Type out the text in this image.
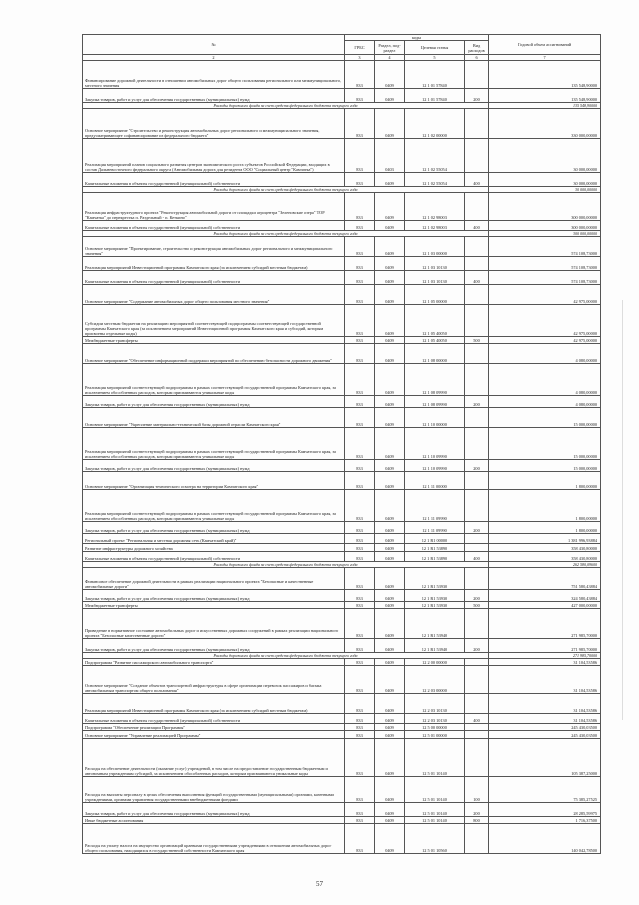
№	коды				Годовой объем ассигнований
	ГРБС	Раздел, под-раздел	Целевая статья	Вид расходов	
2	3	4	5	6	7
Финансирование дорожной деятельности в отношении автомобильных дорог общего пользования регионального или межмуниципального, местного значения	833	0409	12 1 01 57840		135 548,90000
Закупка товаров, работ и услуг для обеспечения государственных (муниципальных) нужд	833	0409	12 1 01 57840	200	135 548,90000
Расходы дорожного фонда за счет средств федерального бюджета текущего года					135 548,90000
Основное мероприятие "Строительство и реконструкция автомобильных дорог регионального и межмуниципального значения, предусматривающее софинансирование из федерального бюджета"	833	0409	12 1 02 00000		330 000,00000
Реализация мероприятий планов социального развития центров экономического роста субъектов Российской Федерации, входящих в состав Дальневосточного федерального округа (Автомобильная дорога для резидента ООО "Социальный центр "Камчатка")	833	0403	12 1 02 55054		30 000,00000
Капитальные вложения в объекты государственной (муниципальной) собственности	833	0409	12 1 02 55054	400	30 000,00000
Расходы дорожного фонда за счет средств федерального бюджета текущего года					30 000,00000
Реализация инфраструктурного проекта "Реконструкция автомобильной дороги от площадки агроцентра "Зеленовские озера" ТОР "Камчатка" до перекрестка п. Раздельный - п. Кеткино"	833	0409	12 1 02 98003		300 000,00000
Капитальные вложения в объекты государственной (муниципальной) собственности	833	0409	12 1 02 98003	400	300 000,00000
Расходы дорожного фонда за счет средств федерального бюджета текущего года					300 000,00000
Основное мероприятие "Проектирование, строительство и реконструкция автомобильных дорог регионального и межмуниципального значения"	833	0409	12 1 03 00000		574 108,73000
Реализация мероприятий Инвестиционной программы Камчатского края (за исключением субсидий местным бюджетам)	833	0409	12 1 03 10130		574 108,73000
Капитальные вложения в объекты государственной (муниципальной) собственности	833	0409	12 1 03 10130	400	574 108,73000
Основное мероприятие "Содержание автомобильных дорог общего пользования местного значения"	833	0409	12 1 05 00000		42 975,00000
Субсидии местным бюджетам на реализацию мероприятий соответствующей подпрограммы соответствующей государственной программы Камчатского края (за исключением мероприятий Инвестиционной программы Камчатского края и субсидий, которым присвоены отдельные коды)	833	0409	12 1 05 40050		42 975,00000
Межбюджетные трансферты	833	0409	12 1 05 40050	500	42 975,00000
Основное мероприятие "Обеспечение информационной поддержки мероприятий по обеспечению безопасности дорожного движения"	833	0409	12 1 08 00000		4 080,00000
Реализация мероприятий соответствующей подпрограммы в рамках соответствующей государственной программы Камчатского края, за исключением обособленных расходов, которым присваиваются уникальные коды	833	0409	12 1 08 09990		4 080,00000
Закупка товаров, работ и услуг для обеспечения государственных (муниципальных) нужд	833	0409	12 1 08 09990	200	4 080,00000
Основное мероприятие "Укрепление материально-технической базы дорожной отрасли Камчатского края"	833	0409	12 1 10 00000		15 000,00000
Реализация мероприятий соответствующей подпрограммы в рамках соответствующей государственной программы Камчатского края, за исключением обособленных расходов, которым присваиваются уникальные коды	833	0409	12 1 10 09990		15 000,00000
Закупка товаров, работ и услуг для обеспечения государственных (муниципальных) нужд	833	0409	12 1 10 09990	200	15 000,00000
Основное мероприятие "Организация технического осмотра на территории Камчатского края"	833	0409	12 1 11 00000		1 800,00000
Реализация мероприятий соответствующей подпрограммы в рамках соответствующей государственной программы Камчатского края, за исключением обособленных расходов, которым присваиваются уникальные коды	833	0409	12 1 11 09990		1 800,00000
Закупка товаров, работ и услуг для обеспечения государственных (муниципальных) нужд	833	0409	12 1 11 09990	200	1 800,00000
Региональный проект "Региональная и местная дорожная сеть (Камчатский край)"	833	0409	12 1 R1 00000		1 381 996,93884
Развитие инфраструктуры дорожного хозяйства	833	0409	12 1 R1 53890		358 430,80000
Капитальные вложения в объекты государственной (муниципальной) собственности	833	0409	12 1 R1 53890	400	358 430,80000
Расходы дорожного фонда за счет средств федерального бюджета текущего года					262 580,09600
Финансовое обеспечение дорожной деятельности в рамках реализации национального проекта "Безопасные и качественные автомобильные дороги"	833	0409	12 1 R1 53930		751 580,43884
Закупка товаров, работ и услуг для обеспечения государственных (муниципальных) нужд	833	0409	12 1 R1 53930	200	324 580,43884
Межбюджетные трансферты	833	0409	12 1 R1 53930	500	427 000,00000
Приведение в нормативное состояние автомобильных дорог и искусственных дорожных сооружений в рамках реализации национального проекта "Безопасные качественные дороги"	833	0409	12 1 R1 53940		271 985,70000
Закупка товаров, работ и услуг для обеспечения государственных (муниципальных) нужд	833	0409	12 1 R1 53940	200	271 985,70000
Расходы дорожного фонда за счет средств федерального бюджета текущего года					271 985,70000
Подпрограмма "Развитие пассажирского автомобильного транспорта"	833	0409	12 2 00 00000		31 104,53586
Основное мероприятие "Создание объектов транспортной инфраструктуры в сфере организации перевозок пассажиров и багажа автомобильным транспортом общего пользования"	833	0409	12 2 03 00000		31 104,53586
Реализация мероприятий Инвестиционной программы Камчатского края (за исключением субсидий местным бюджетам)	833	0409	12 2 03 10130		31 104,53586
Капитальные вложения в объекты государственной (муниципальной) собственности	833	0409	12 2 03 10130	400	31 104,53586
Подпрограмма "Обеспечение реализации Программы"	833	0409	12 5 00 00000		245 430,03500
Основное мероприятие "Управление реализацией Программы"	833	0409	12 5 01 00000		245 430,03500
Расходы на обеспечение деятельности (оказание услуг) учреждений, в том числе на предоставление государственным бюджетным и автономным учреждениям субсидий, за исключением обособленных расходов, которым присваиваются уникальные коды	833	0409	12 5 01 10140		105 387,25000
Расходы на выплаты персоналу в целях обеспечения выполнения функций государственными (муниципальными) органами, казенными учреждениями, органами управления государственными внебюджетными фондами	833	0409	12 5 01 10140	100	75 385,27525
Закупка товаров, работ и услуг для обеспечения государственных (муниципальных) нужд	833	0409	12 5 01 10140	200	28 285,59975
Иные бюджетные ассигнования	833	0409	12 5 01 10140	800	1 716,37500
Расходы на уплату налога на имущество организаций краевыми государственными учреждениями в отношении автомобильных дорог общего пользования, находящихся в государственной собственности Камчатского края	833	0409	12 5 01 10560		140 042,78500
57
